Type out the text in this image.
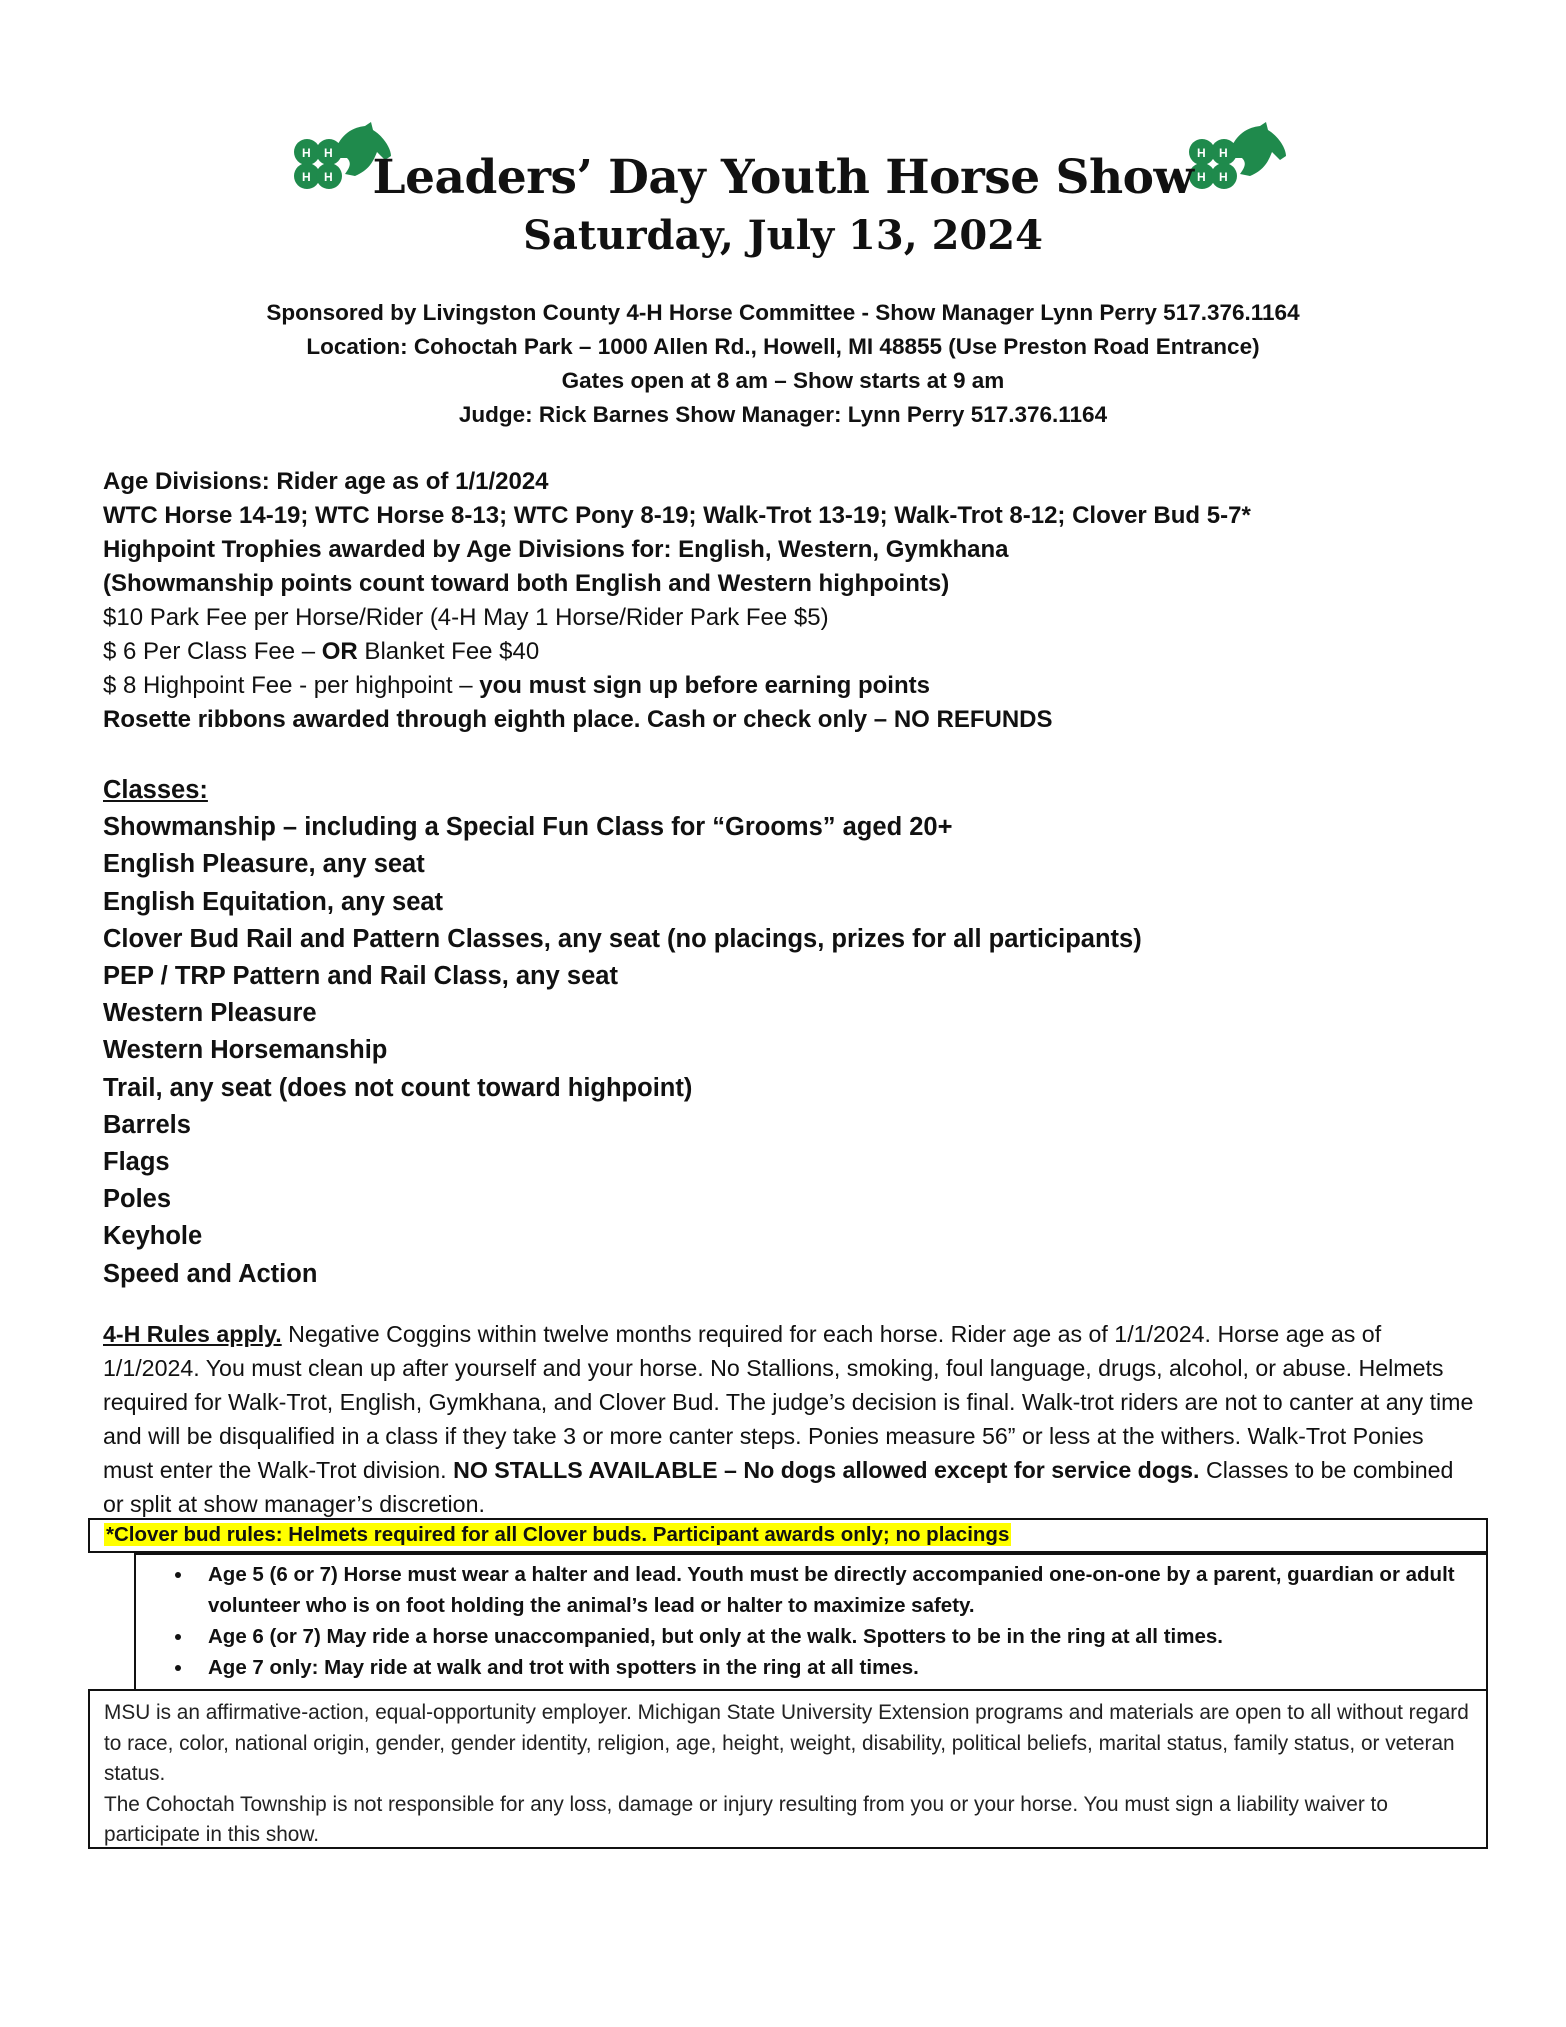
H H
H H
H H
H H
Leaders’ Day Youth Horse Show
Saturday, July 13, 2024
Sponsored by Livingston County 4-H Horse Committee - Show Manager Lynn Perry 517.376.1164
Location: Cohoctah Park – 1000 Allen Rd., Howell, MI 48855 (Use Preston Road Entrance)
Gates open at 8 am – Show starts at 9 am
Judge: Rick Barnes Show Manager: Lynn Perry 517.376.1164
Age Divisions: Rider age as of 1/1/2024
WTC Horse 14-19; WTC Horse 8-13; WTC Pony 8-19; Walk-Trot 13-19; Walk-Trot 8-12; Clover Bud 5-7*
Highpoint Trophies awarded by Age Divisions for: English, Western, Gymkhana
(Showmanship points count toward both English and Western highpoints)
$10 Park Fee per Horse/Rider (4-H May 1 Horse/Rider Park Fee $5)
$ 6 Per Class Fee – OR Blanket Fee $40
$ 8 Highpoint Fee - per highpoint – you must sign up before earning points
Rosette ribbons awarded through eighth place. Cash or check only – NO REFUNDS
Classes:
Showmanship – including a Special Fun Class for “Grooms” aged 20+
English Pleasure, any seat
English Equitation, any seat
Clover Bud Rail and Pattern Classes, any seat (no placings, prizes for all participants)
PEP / TRP Pattern and Rail Class, any seat
Western Pleasure
Western Horsemanship
Trail, any seat (does not count toward highpoint)
Barrels
Flags
Poles
Keyhole
Speed and Action
4-H Rules apply. Negative Coggins within twelve months required for each horse. Rider age as of 1/1/2024. Horse age as of 1/1/2024. You must clean up after yourself and your horse. No Stallions, smoking, foul language, drugs, alcohol, or abuse. Helmets required for Walk-Trot, English, Gymkhana, and Clover Bud. The judge’s decision is final. Walk-trot riders are not to canter at any time and will be disqualified in a class if they take 3 or more canter steps. Ponies measure 56” or less at the withers. Walk-Trot Ponies must enter the Walk-Trot division. NO STALLS AVAILABLE – No dogs allowed except for service dogs. Classes to be combined or split at show manager’s discretion.
*Clover bud rules: Helmets required for all Clover buds. Participant awards only; no placings
• Age 5 (6 or 7) Horse must wear a halter and lead. Youth must be directly accompanied one-on-one by a parent, guardian or adult volunteer who is on foot holding the animal’s lead or halter to maximize safety.
• Age 6 (or 7) May ride a horse unaccompanied, but only at the walk. Spotters to be in the ring at all times.
• Age 7 only: May ride at walk and trot with spotters in the ring at all times.
MSU is an affirmative-action, equal-opportunity employer. Michigan State University Extension programs and materials are open to all without regard to race, color, national origin, gender, gender identity, religion, age, height, weight, disability, political beliefs, marital status, family status, or veteran status.
The Cohoctah Township is not responsible for any loss, damage or injury resulting from you or your horse. You must sign a liability waiver to participate in this show.
